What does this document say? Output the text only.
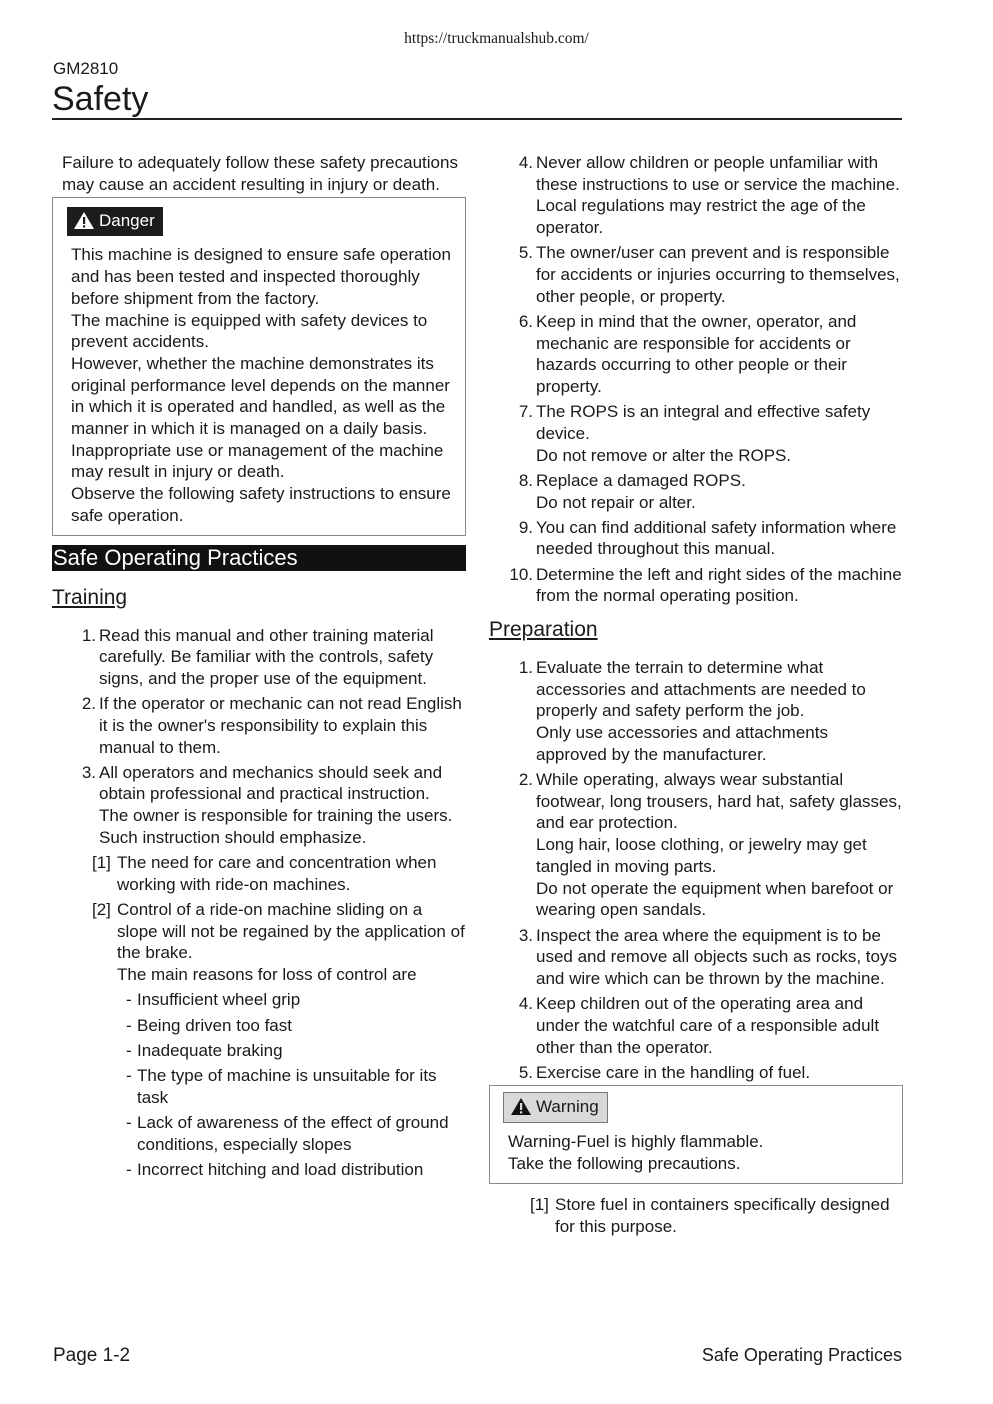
https://truckmanualshub.com/
GM2810
Safety
Failure to adequately follow these safety precautions may cause an accident resulting in injury or death.
Danger
This machine is designed to ensure safe operation and has been tested and inspected thoroughly before shipment from the factory.
The machine is equipped with safety devices to prevent accidents.
However, whether the machine demonstrates its original performance level depends on the manner in which it is operated and handled, as well as the manner in which it is managed on a daily basis.
Inappropriate use or management of the machine may result in injury or death.
Observe the following safety instructions to ensure safe operation.
Safe Operating Practices
Training
1. Read this manual and other training material carefully. Be familiar with the controls, safety signs, and the proper use of the equipment.
2. If the operator or mechanic can not read English it is the owner's responsibility to explain this manual to them.
3. All operators and mechanics should seek and obtain professional and practical instruction.
The owner is responsible for training the users.
Such instruction should emphasize.
[1] The need for care and concentration when working with ride-on machines.
[2] Control of a ride-on machine sliding on a slope will not be regained by the application of the brake.
The main reasons for loss of control are
- Insufficient wheel grip
- Being driven too fast
- Inadequate braking
- The type of machine is unsuitable for its task
- Lack of awareness of the effect of ground conditions, especially slopes
- Incorrect hitching and load distribution
4. Never allow children or people unfamiliar with these instructions to use or service the machine.
Local regulations may restrict the age of the operator.
5. The owner/user can prevent and is responsible for accidents or injuries occurring to themselves, other people, or property.
6. Keep in mind that the owner, operator, and mechanic are responsible for accidents or hazards occurring to other people or their property.
7. The ROPS is an integral and effective safety device.
Do not remove or alter the ROPS.
8. Replace a damaged ROPS.
Do not repair or alter.
9. You can find additional safety information where needed throughout this manual.
10. Determine the left and right sides of the machine from the normal operating position.
Preparation
1. Evaluate the terrain to determine what accessories and attachments are needed to properly and safety perform the job.
Only use accessories and attachments approved by the manufacturer.
2. While operating, always wear substantial footwear, long trousers, hard hat, safety glasses, and ear protection.
Long hair, loose clothing, or jewelry may get tangled in moving parts.
Do not operate the equipment when barefoot or wearing open sandals.
3. Inspect the area where the equipment is to be used and remove all objects such as rocks, toys and wire which can be thrown by the machine.
4. Keep children out of the operating area and under the watchful care of a responsible adult other than the operator.
5. Exercise care in the handling of fuel.
Warning
Warning-Fuel is highly flammable.
Take the following precautions.
[1] Store fuel in containers specifically designed for this purpose.
Page 1-2	Safe Operating Practices
